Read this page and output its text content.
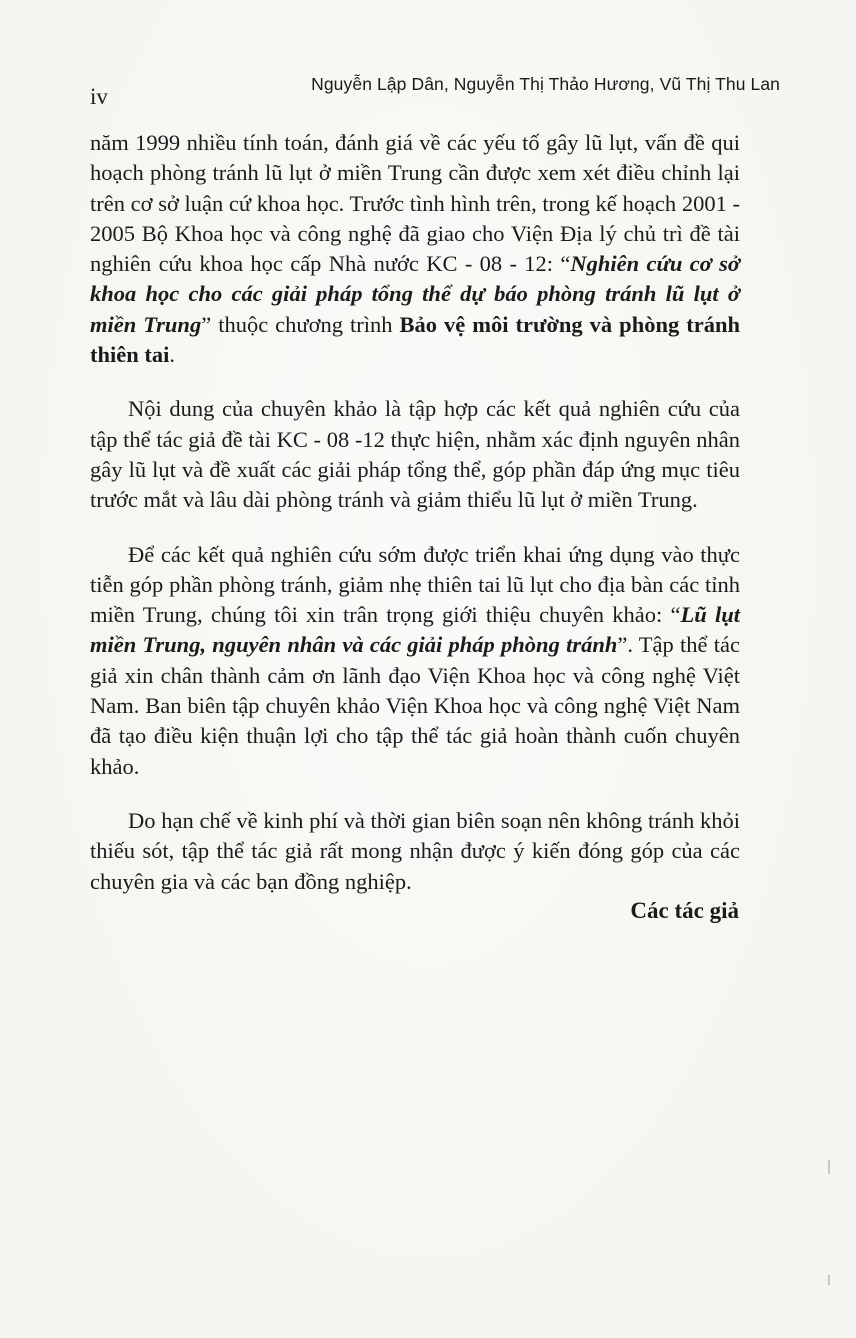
iv	Nguyễn Lập Dân, Nguyễn Thị Thảo Hương, Vũ Thị Thu Lan

năm 1999 nhiều tính toán, đánh giá về các yếu tố gây lũ lụt, vấn đề qui hoạch phòng tránh lũ lụt ở miền Trung cần được xem xét điều chỉnh lại trên cơ sở luận cứ khoa học. Trước tình hình trên, trong kế hoạch 2001 - 2005 Bộ Khoa học và công nghệ đã giao cho Viện Địa lý chủ trì đề tài nghiên cứu khoa học cấp Nhà nước KC - 08 - 12: “Nghiên cứu cơ sở khoa học cho các giải pháp tổng thể dự báo phòng tránh lũ lụt ở miền Trung” thuộc chương trình Bảo vệ môi trường và phòng tránh thiên tai.

Nội dung của chuyên khảo là tập hợp các kết quả nghiên cứu của tập thể tác giả đề tài KC - 08 -12 thực hiện, nhằm xác định nguyên nhân gây lũ lụt và đề xuất các giải pháp tổng thể, góp phần đáp ứng mục tiêu trước mắt và lâu dài phòng tránh và giảm thiểu lũ lụt ở miền Trung.

Để các kết quả nghiên cứu sớm được triển khai ứng dụng vào thực tiễn góp phần phòng tránh, giảm nhẹ thiên tai lũ lụt cho địa bàn các tỉnh miền Trung, chúng tôi xin trân trọng giới thiệu chuyên khảo: “Lũ lụt miền Trung, nguyên nhân và các giải pháp phòng tránh”. Tập thể tác giả xin chân thành cảm ơn lãnh đạo Viện Khoa học và công nghệ Việt Nam. Ban biên tập chuyên khảo Viện Khoa học và công nghệ Việt Nam đã tạo điều kiện thuận lợi cho tập thể tác giả hoàn thành cuốn chuyên khảo.

Do hạn chế về kinh phí và thời gian biên soạn nên không tránh khỏi thiếu sót, tập thể tác giả rất mong nhận được ý kiến đóng góp của các chuyên gia và các bạn đồng nghiệp.

Các tác giả
